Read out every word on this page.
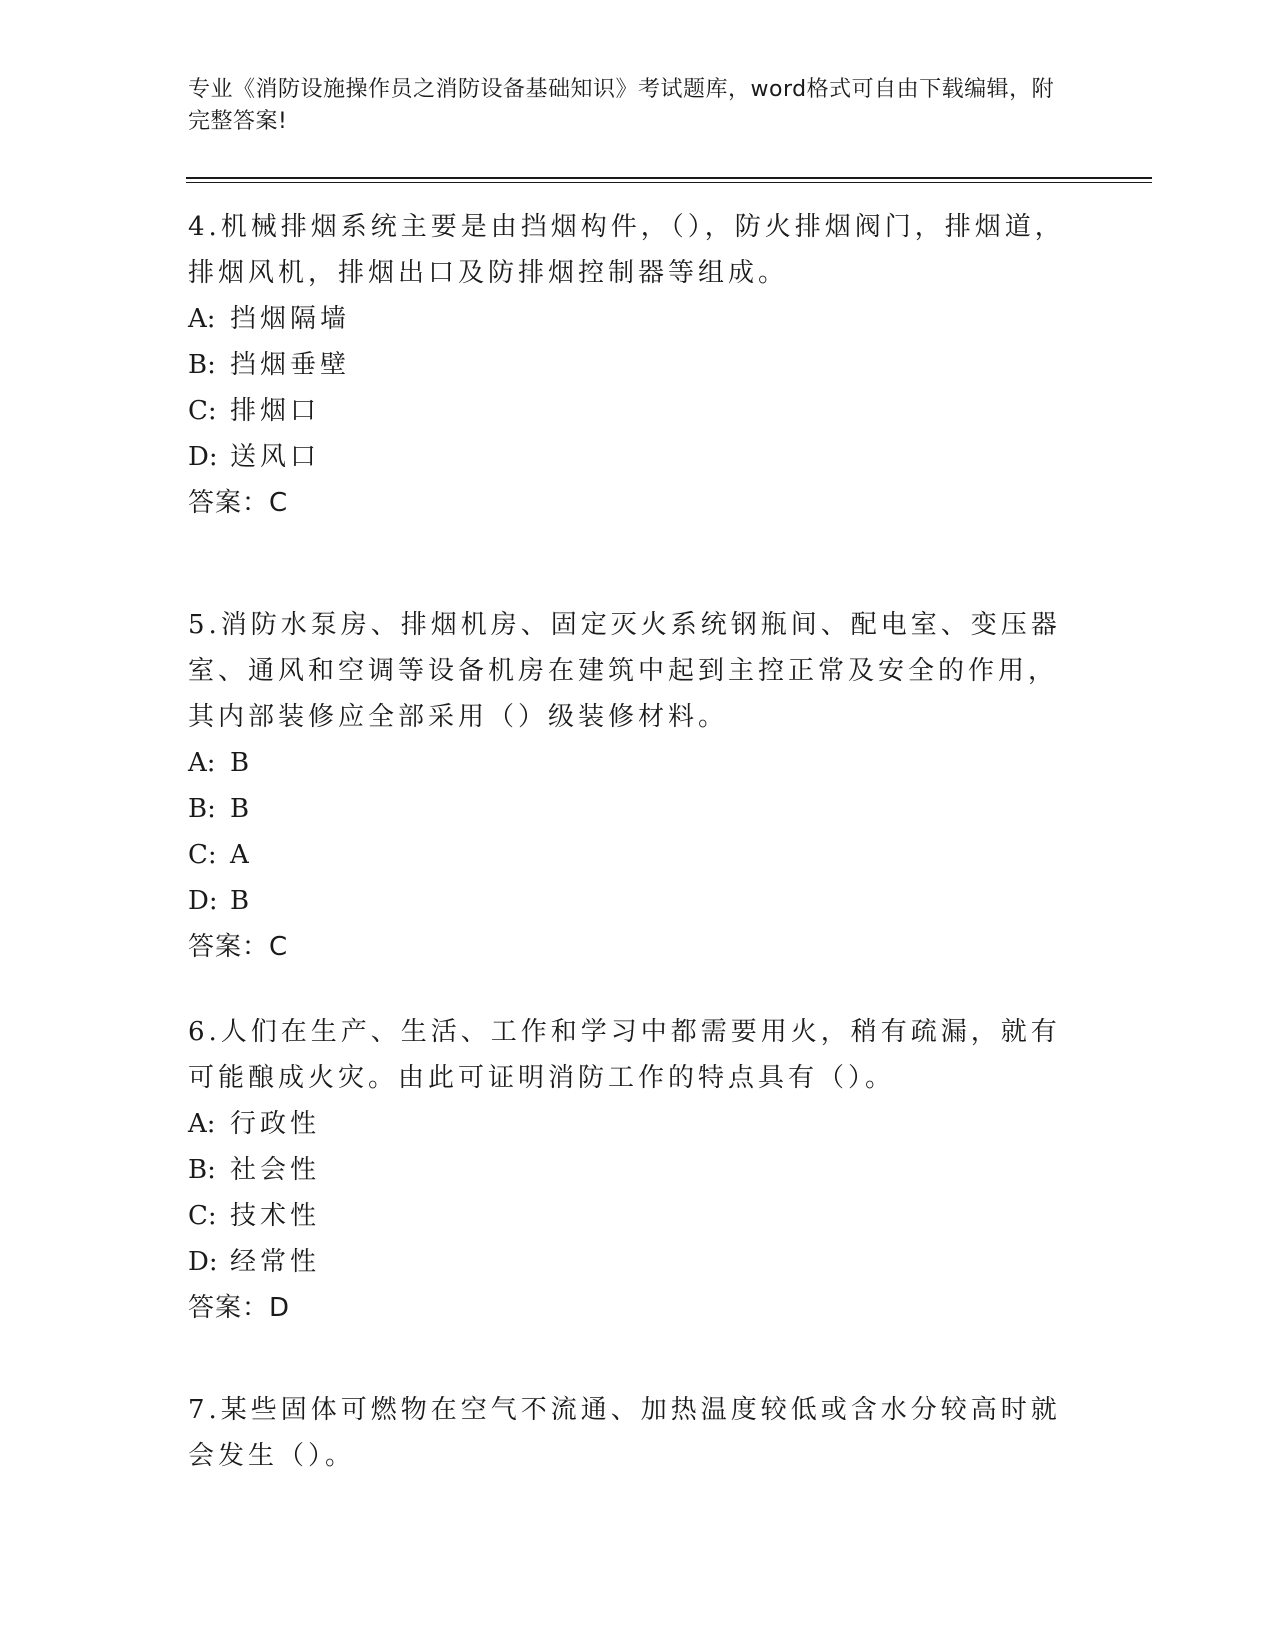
专业《消防设施操作员之消防设备基础知识》考试题库，word格式可自由下载编辑，附完整答案!

4.机械排烟系统主要是由挡烟构件，（），防火排烟阀门，排烟道，排烟风机，排烟出口及防排烟控制器等组成。

A: 挡烟隔墙

B: 挡烟垂壁

C: 排烟口

D: 送风口

答案：C

5.消防水泵房、排烟机房、固定灭火系统钢瓶间、配电室、变压器室、通风和空调等设备机房在建筑中起到主控正常及安全的作用，其内部装修应全部采用（）级装修材料。

A: B

B: B

C: A

D: B

答案：C

6.人们在生产、生活、工作和学习中都需要用火，稍有疏漏，就有可能酿成火灾。由此可证明消防工作的特点具有（）。

A: 行政性

B: 社会性

C: 技术性

D: 经常性

答案：D

7.某些固体可燃物在空气不流通、加热温度较低或含水分较高时就会发生（）。
